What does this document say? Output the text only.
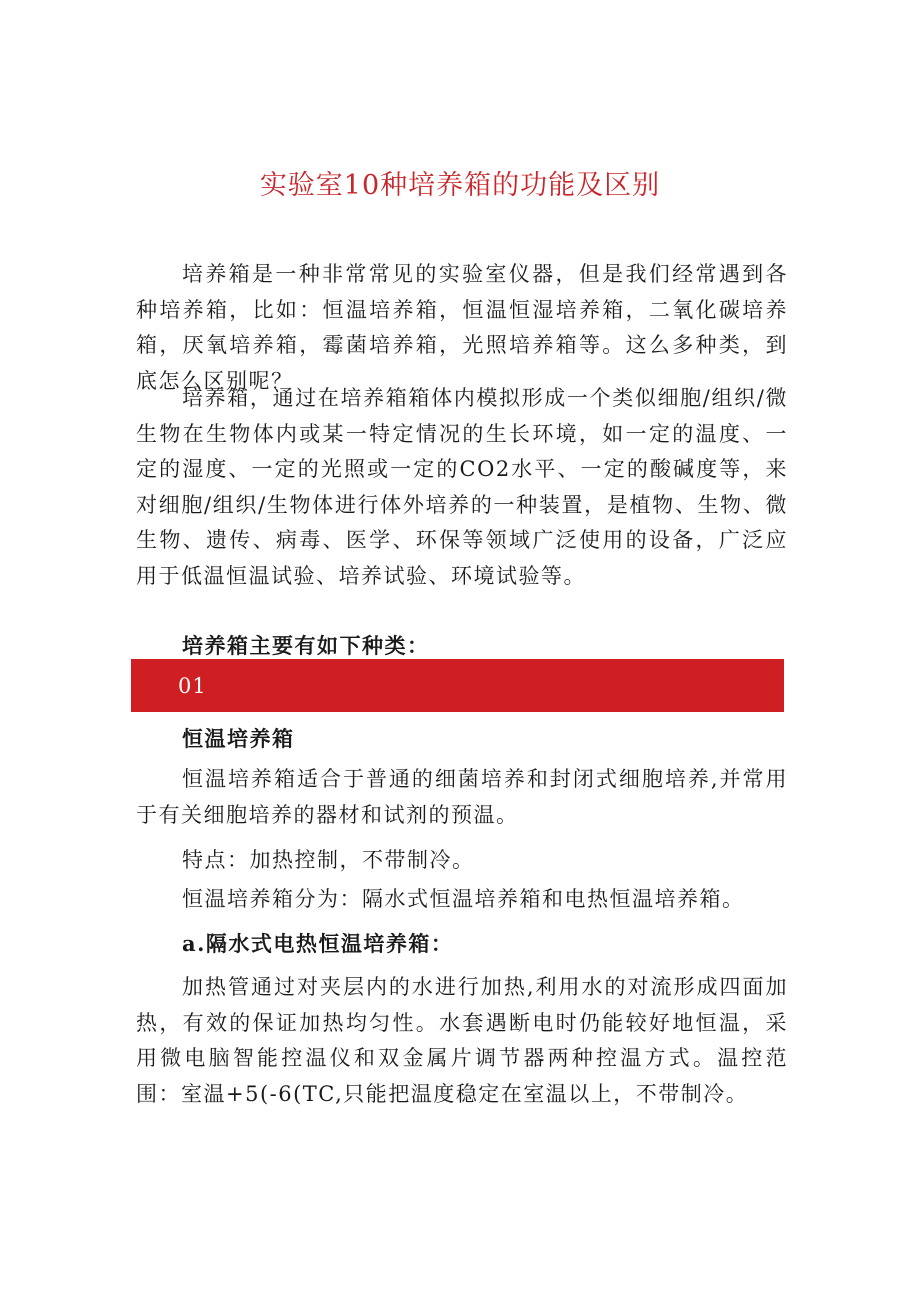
实验室10种培养箱的功能及区别

培养箱是一种非常常见的实验室仪器，但是我们经常遇到各种培养箱，比如：恒温培养箱，恒温恒湿培养箱，二氧化碳培养箱，厌氧培养箱，霉菌培养箱，光照培养箱等。这么多种类，到底怎么区别呢？

培养箱，通过在培养箱箱体内模拟形成一个类似细胞/组织/微生物在生物体内或某一特定情况的生长环境，如一定的温度、一定的湿度、一定的光照或一定的CO2水平、一定的酸碱度等，来对细胞/组织/生物体进行体外培养的一种装置，是植物、生物、微生物、遗传、病毒、医学、环保等领域广泛使用的设备，广泛应用于低温恒温试验、培养试验、环境试验等。

培养箱主要有如下种类：

01

恒温培养箱

恒温培养箱适合于普通的细菌培养和封闭式细胞培养,并常用于有关细胞培养的器材和试剂的预温。

特点：加热控制，不带制冷。

恒温培养箱分为：隔水式恒温培养箱和电热恒温培养箱。

a.隔水式电热恒温培养箱：

加热管通过对夹层内的水进行加热,利用水的对流形成四面加热，有效的保证加热均匀性。水套遇断电时仍能较好地恒温，采用微电脑智能控温仪和双金属片调节器两种控温方式。温控范围：室温+5(-6(TC,只能把温度稳定在室温以上，不带制冷。
